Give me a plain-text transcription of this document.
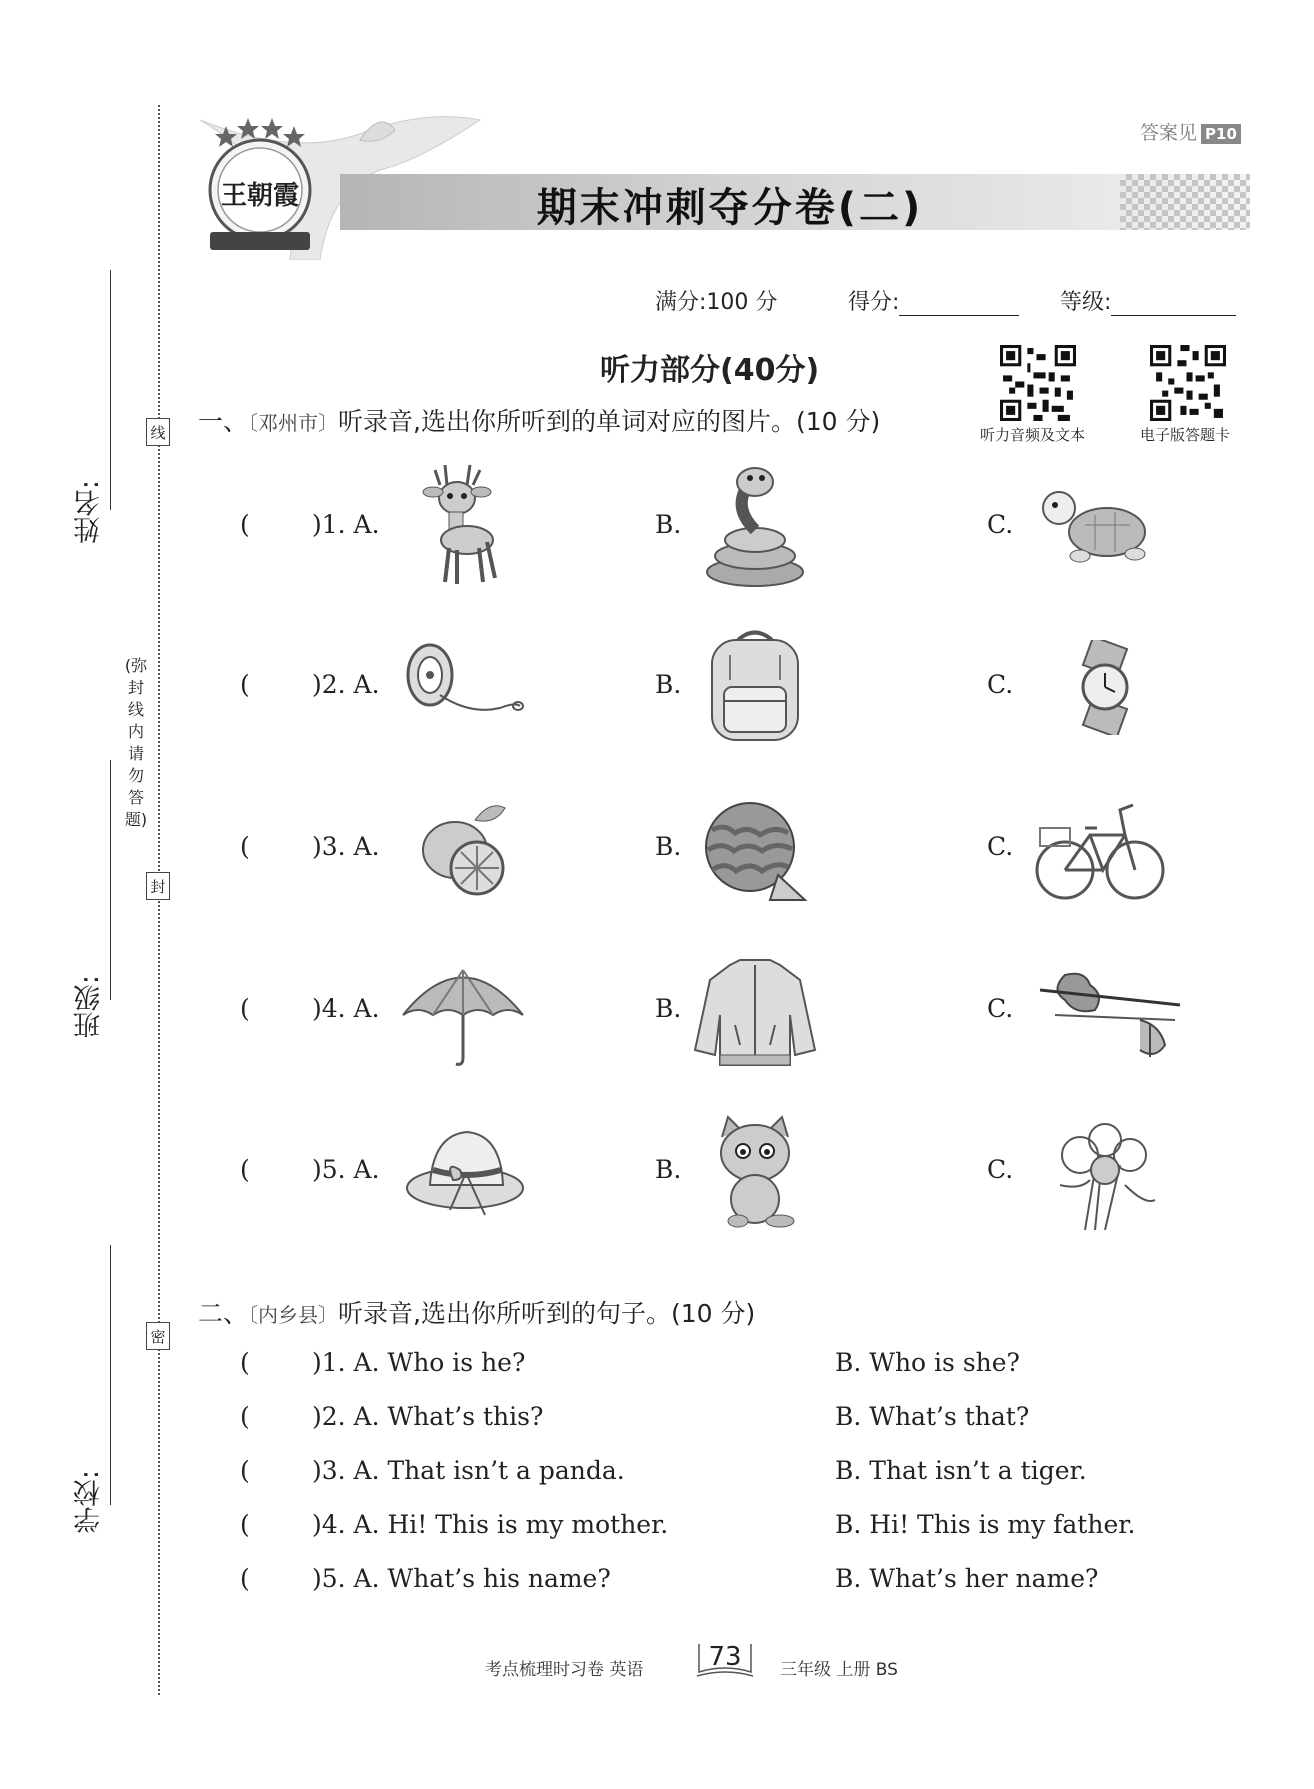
姓名:
班级:
学校:
线
封
密
(弥封线内请勿答题)
答案见 P10
王朝霞	期末冲刺夺分卷(二)
满分:100 分	得分:	等级:
听力部分(40分)
听力音频及文本	电子版答题卡
一、〔邓州市〕听录音,选出你所听到的单词对应的图片。(10 分)
( )1. A.	B.	C.
( )2. A.	B.	C.
( )3. A.	B.	C.
( )4. A.	B.	C.
( )5. A.	B.	C.
二、〔内乡县〕听录音,选出你所听到的句子。(10 分)
( )1. A. Who is he?	B. Who is she?
( )2. A. What’s this?	B. What’s that?
( )3. A. That isn’t a panda.	B. That isn’t a tiger.
( )4. A. Hi! This is my mother.	B. Hi! This is my father.
( )5. A. What’s his name?	B. What’s her name?
考点梳理时习卷 英语	73	三年级 上册 BS
